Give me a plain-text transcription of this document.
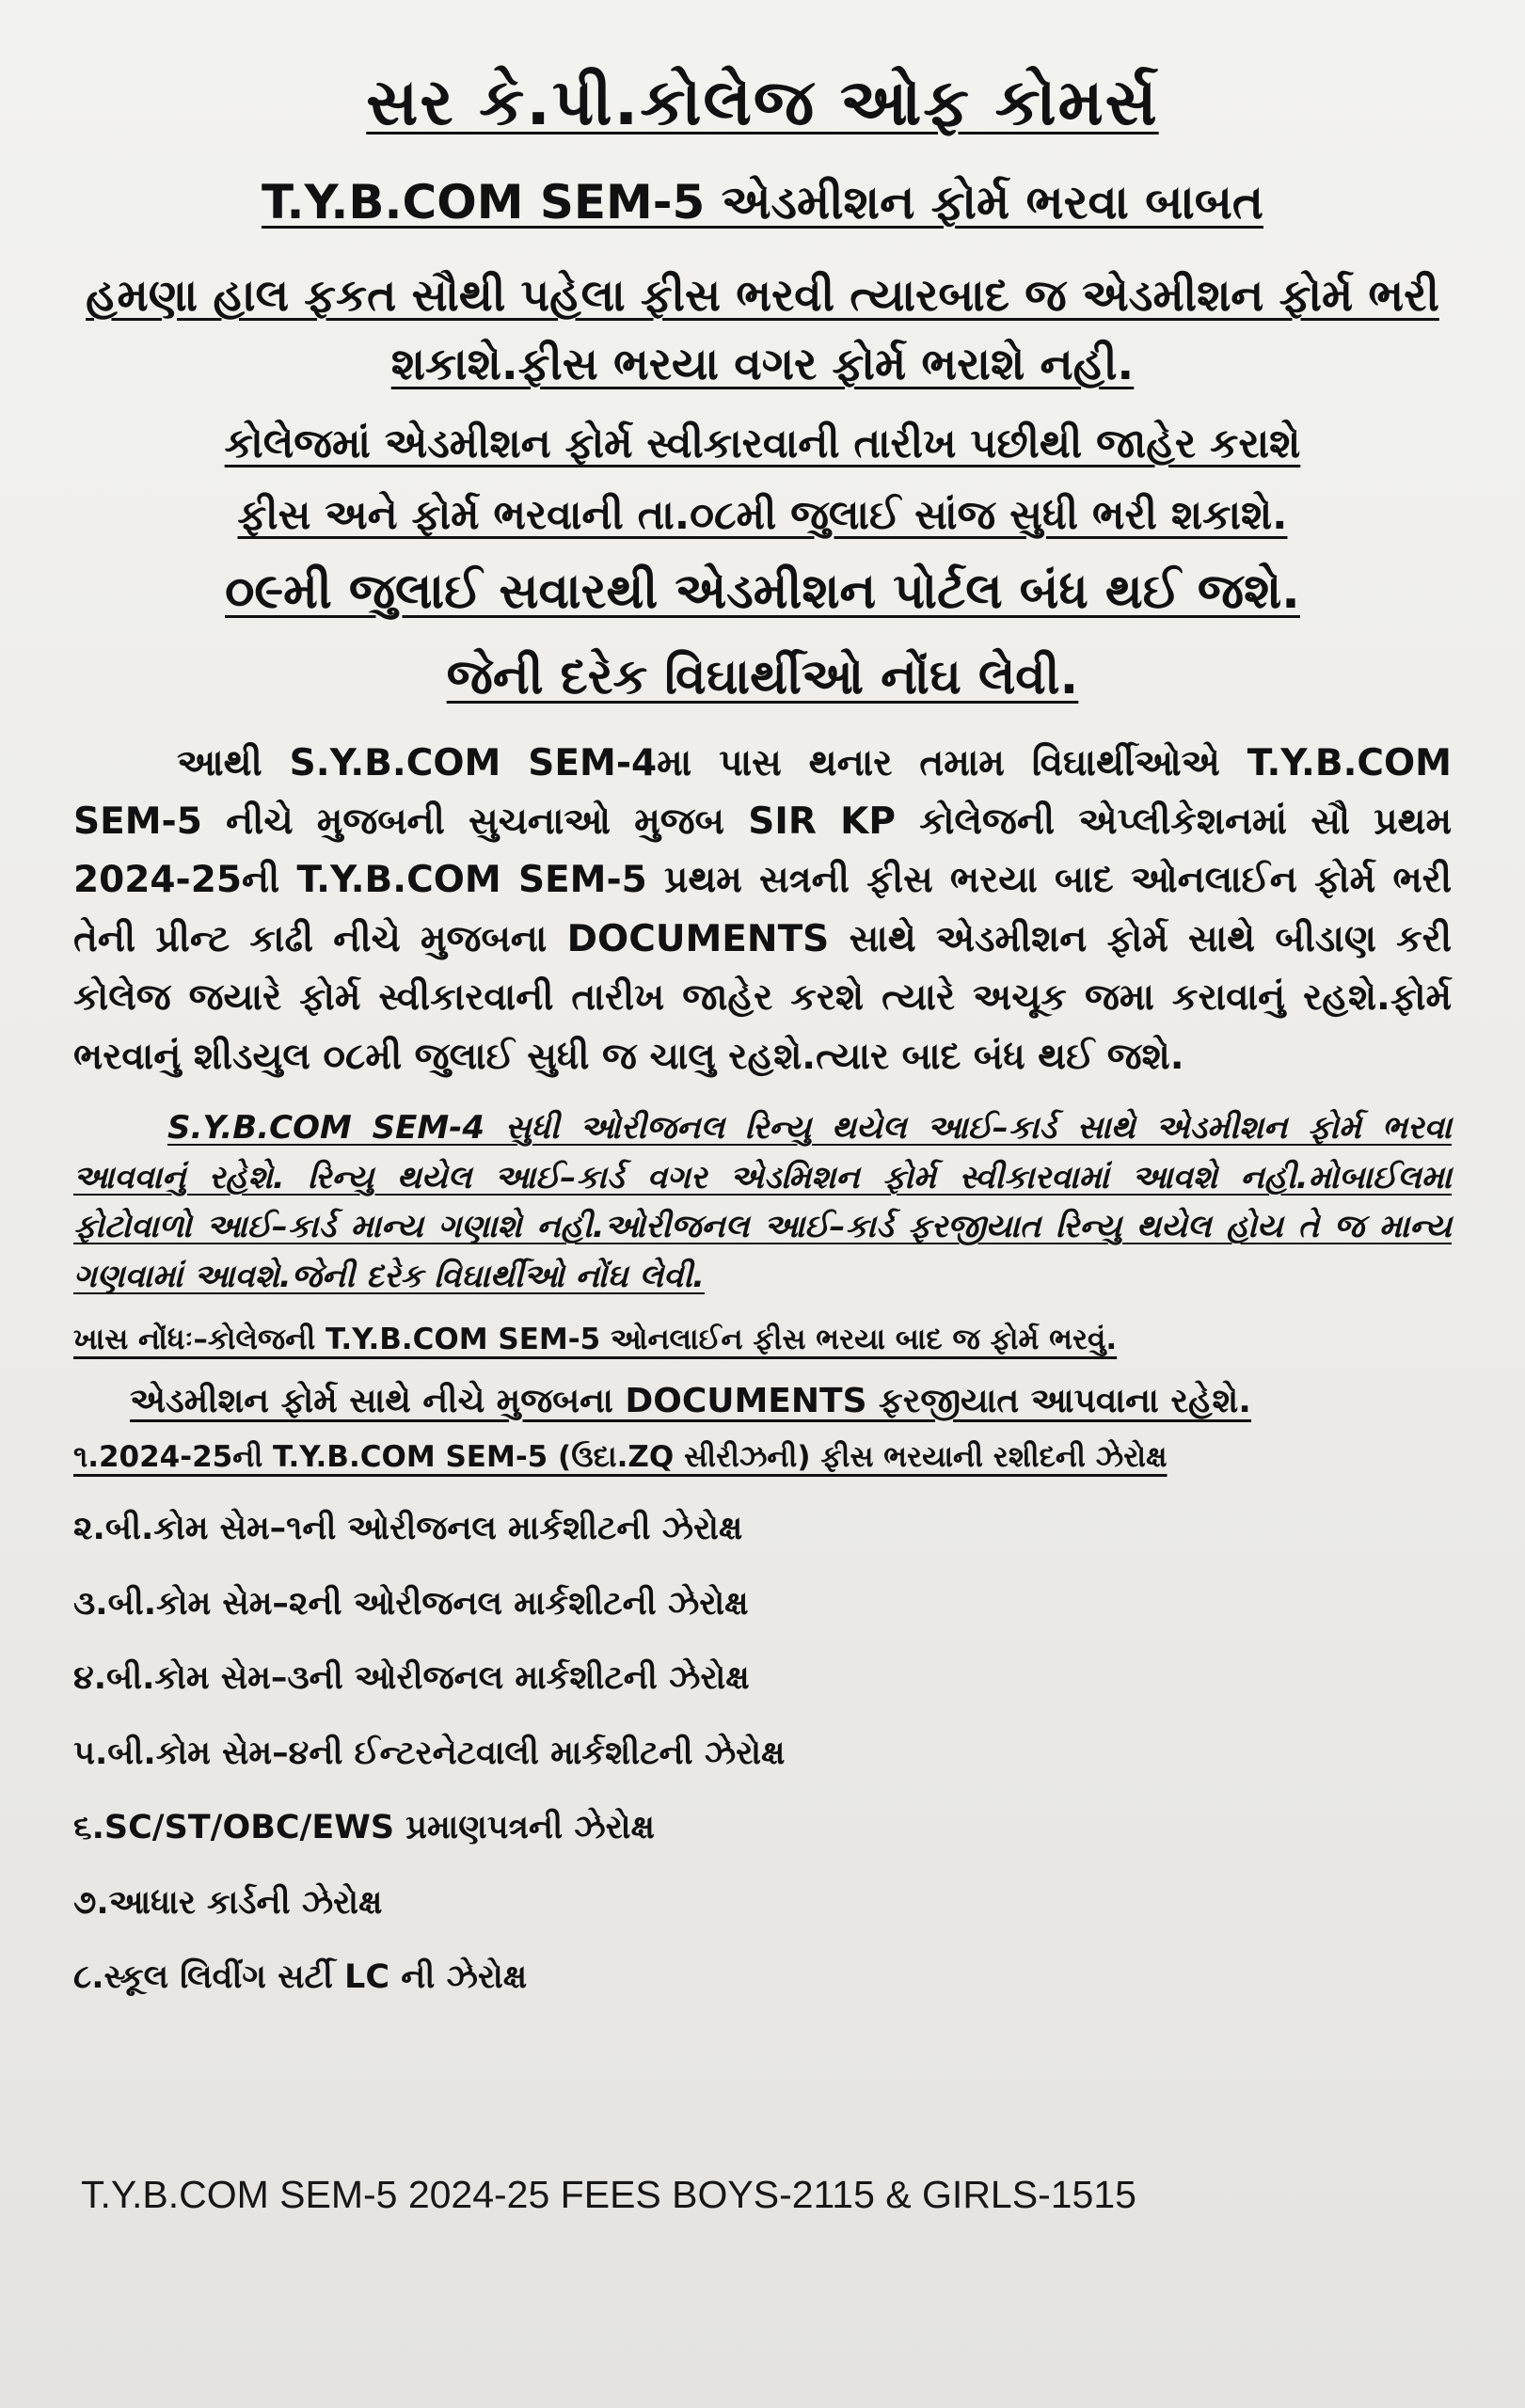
સર કે.પી.કોલેજ ઓફ કોમર્સ
T.Y.B.COM SEM-5 એડમીશન ફોર્મ ભરવા બાબત
હમણા હાલ ફકત સૌથી પહેલા ફીસ ભરવી ત્યારબાદ જ એડમીશન ફોર્મ ભરી શકાશે.ફીસ ભરયા વગર ફોર્મ ભરાશે નહી.
કોલેજમાં એડમીશન ફોર્મ સ્વીકારવાની તારીખ પછીથી જાહેર કરાશે
ફીસ અને ફોર્મ ભરવાની તા.૦૮મી જુલાઈ સાંજ સુધી ભરી શકાશે.
૦૯મી જુલાઈ સવારથી એડમીશન પોર્ટલ બંધ થઈ જશે.
જેની દરેક વિઘાર્થીઓ નોંઘ લેવી.

આથી S.Y.B.COM SEM-4મા પાસ થનાર તમામ વિઘાર્થીઓએ T.Y.B.COM SEM-5 નીચે મુજબની સુચનાઓ મુજબ SIR KP કોલેજની એપ્લીકેશનમાં સૌ પ્રથમ 2024-25ની T.Y.B.COM SEM-5 પ્રથમ સત્રની ફીસ ભરયા બાદ ઓનલાઈન ફોર્મ ભરી તેની પ્રીન્ટ કાઢી નીચે મુજબના DOCUMENTS સાથે એડમીશન ફોર્મ સાથે બીડાણ કરી કોલેજ જયારે ફોર્મ સ્વીકારવાની તારીખ જાહેર કરશે ત્યારે અચૂક જમા કરાવાનું રહશે.ફોર્મ ભરવાનું શીડયુલ ૦૮મી જુલાઈ સુધી જ ચાલુ રહશે.ત્યાર બાદ બંધ થઈ જશે.

S.Y.B.COM SEM-4 સુધી ઓરીજનલ રિન્યુ થયેલ આઈ–કાર્ડ સાથે એડમીશન ફોર્મ ભરવા આવવાનું રહેશે. રિન્યુ થયેલ આઈ–કાર્ડ વગર એડમિશન ફોર્મ સ્વીકારવામાં આવશે નહી.મોબાઈલમા ફોટોવાળો આઈ–કાર્ડ માન્ય ગણાશે નહી.ઓરીજનલ આઈ–કાર્ડ ફરજીયાત રિન્યુ થયેલ હોય તે જ માન્ય ગણવામાં આવશે.જેની દરેક વિઘાર્થીઓ નોંઘ લેવી.

ખાસ નોંધઃ–કોલેજની T.Y.B.COM SEM-5 ઓનલાઈન ફીસ ભરયા બાદ જ ફોર્મ ભરવું.
એડમીશન ફોર્મ સાથે નીચે મુજબના DOCUMENTS ફરજીયાત આપવાના રહેશે.
૧.2024-25ની T.Y.B.COM SEM-5 (ઉદા.ZQ સીરીઝની) ફીસ ભરયાની રશીદની ઝેરોક્ષ
૨.બી.કોમ સેમ–૧ની ઓરીજનલ માર્કશીટની ઝેરોક્ષ
૩.બી.કોમ સેમ–૨ની ઓરીજનલ માર્કશીટની ઝેરોક્ષ
૪.બી.કોમ સેમ–૩ની ઓરીજનલ માર્કશીટની ઝેરોક્ષ
૫.બી.કોમ સેમ–૪ની ઈન્ટરનેટવાલી માર્કશીટની ઝેરોક્ષ
૬.SC/ST/OBC/EWS પ્રમાણપત્રની ઝેરોક્ષ
૭.આધાર કાર્ડની ઝેરોક્ષ
૮.સ્કૂલ લિવીંગ સર્ટી LC ની ઝેરોક્ષ
T.Y.B.COM SEM-5 2024-25 FEES BOYS-2115 & GIRLS-1515
